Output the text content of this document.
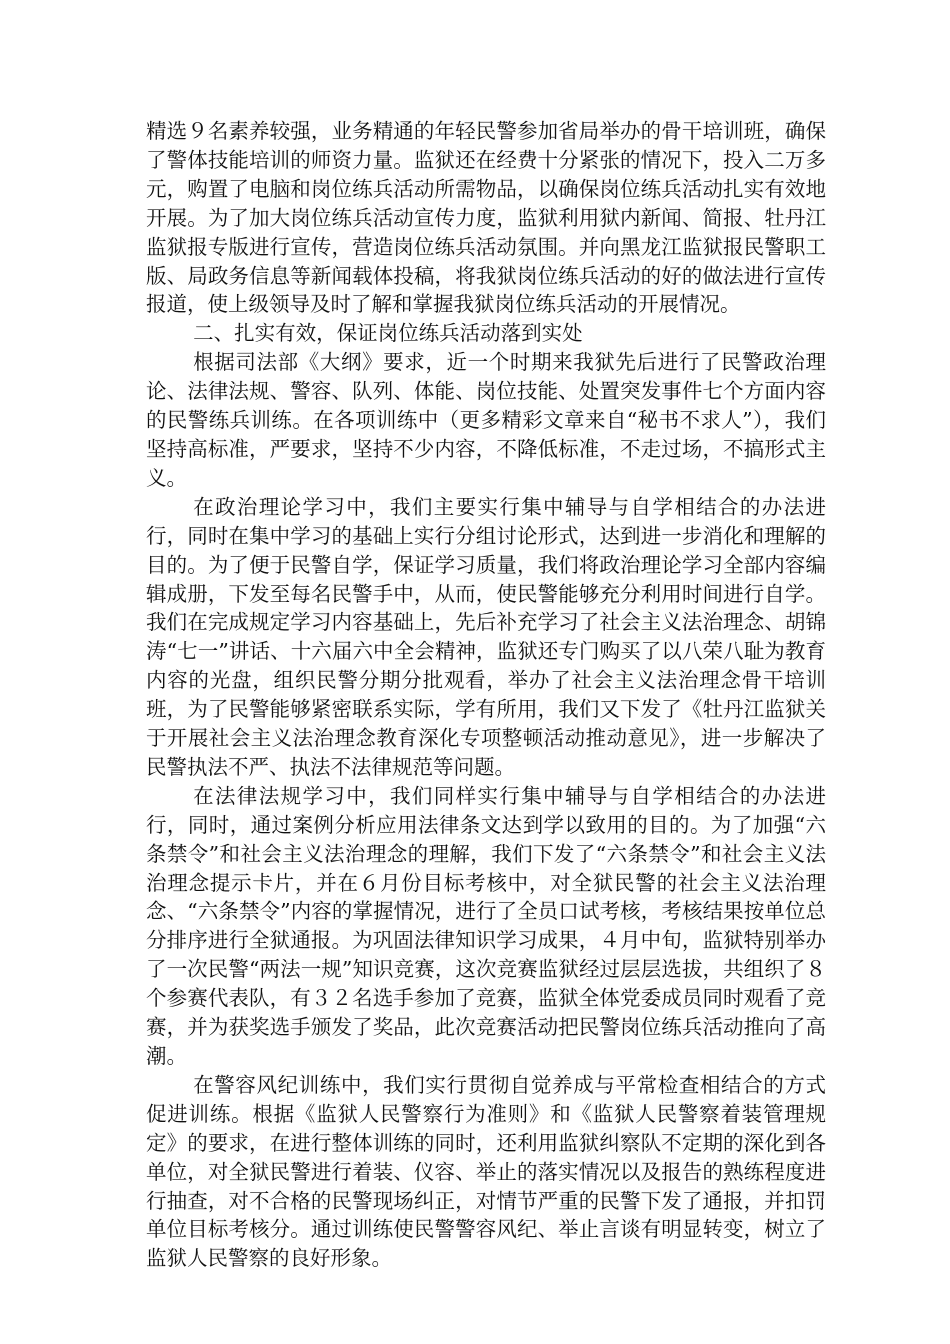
精选９名素养较强，业务精通的年轻民警参加省局举办的骨干培训班，确保了警体技能培训的师资力量。监狱还在经费十分紧张的情况下，投入二万多元，购置了电脑和岗位练兵活动所需物品，以确保岗位练兵活动扎实有效地开展。为了加大岗位练兵活动宣传力度，监狱利用狱内新闻、简报、牡丹江监狱报专版进行宣传，营造岗位练兵活动氛围。并向黑龙江监狱报民警职工版、局政务信息等新闻载体投稿，将我狱岗位练兵活动的好的做法进行宣传报道，使上级领导及时了解和掌握我狱岗位练兵活动的开展情况。

二、扎实有效，保证岗位练兵活动落到实处

根据司法部《大纲》要求，近一个时期来我狱先后进行了民警政治理论、法律法规、警容、队列、体能、岗位技能、处置突发事件七个方面内容的民警练兵训练。在各项训练中（更多精彩文章来自“秘书不求人”），我们坚持高标准，严要求，坚持不少内容，不降低标准，不走过场，不搞形式主义。

在政治理论学习中，我们主要实行集中辅导与自学相结合的办法进行，同时在集中学习的基础上实行分组讨论形式，达到进一步消化和理解的目的。为了便于民警自学，保证学习质量，我们将政治理论学习全部内容编辑成册，下发至每名民警手中，从而，使民警能够充分利用时间进行自学。我们在完成规定学习内容基础上，先后补充学习了社会主义法治理念、胡锦涛“七一”讲话、十六届六中全会精神，监狱还专门购买了以八荣八耻为教育内容的光盘，组织民警分期分批观看，举办了社会主义法治理念骨干培训班，为了民警能够紧密联系实际，学有所用，我们又下发了《牡丹江监狱关于开展社会主义法治理念教育深化专项整顿活动推动意见》，进一步解决了民警执法不严、执法不法律规范等问题。

在法律法规学习中，我们同样实行集中辅导与自学相结合的办法进行，同时，通过案例分析应用法律条文达到学以致用的目的。为了加强“六条禁令”和社会主义法治理念的理解，我们下发了“六条禁令”和社会主义法治理念提示卡片，并在６月份目标考核中，对全狱民警的社会主义法治理念、“六条禁令”内容的掌握情况，进行了全员口试考核，考核结果按单位总分排序进行全狱通报。为巩固法律知识学习成果，４月中旬，监狱特别举办了一次民警“两法一规”知识竞赛，这次竞赛监狱经过层层选拔，共组织了８个参赛代表队，有３２名选手参加了竞赛，监狱全体党委成员同时观看了竞赛，并为获奖选手颁发了奖品，此次竞赛活动把民警岗位练兵活动推向了高潮。

在警容风纪训练中，我们实行贯彻自觉养成与平常检查相结合的方式促进训练。根据《监狱人民警察行为准则》和《监狱人民警察着装管理规定》的要求，在进行整体训练的同时，还利用监狱纠察队不定期的深化到各单位，对全狱民警进行着装、仪容、举止的落实情况以及报告的熟练程度进行抽查，对不合格的民警现场纠正，对情节严重的民警下发了通报，并扣罚单位目标考核分。通过训练使民警警容风纪、举止言谈有明显转变，树立了监狱人民警察的良好形象。
